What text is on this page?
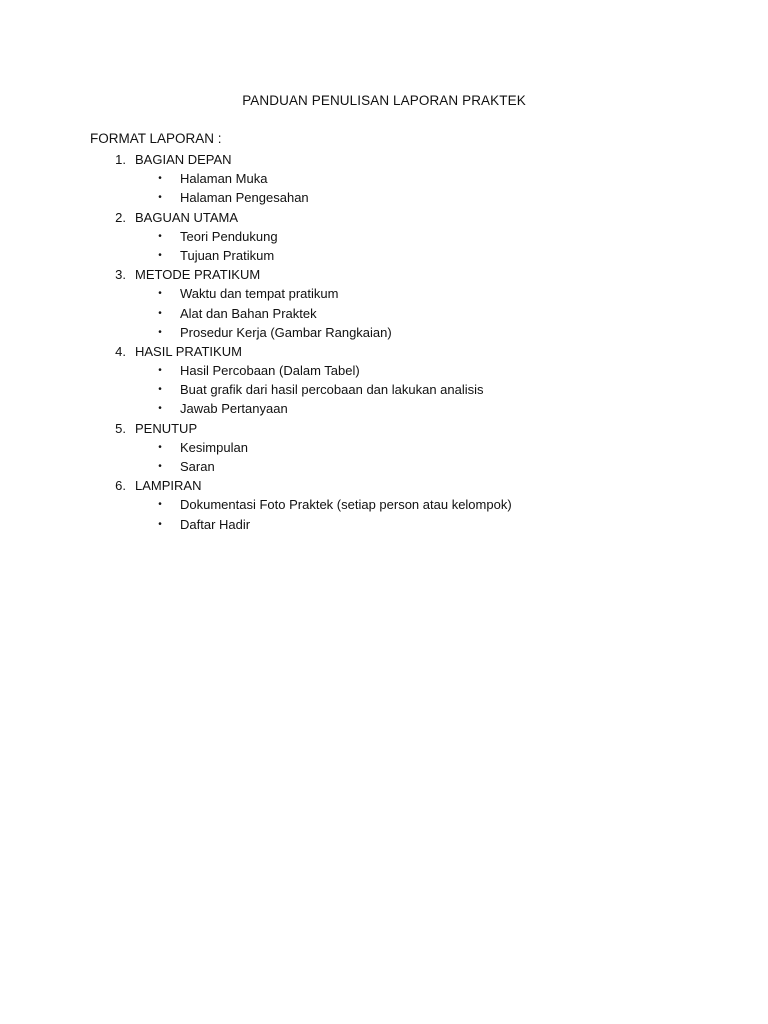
PANDUAN PENULISAN LAPORAN PRAKTEK
FORMAT LAPORAN :
1. BAGIAN DEPAN
• Halaman Muka
• Halaman Pengesahan
2. BAGUAN UTAMA
• Teori Pendukung
• Tujuan Pratikum
3. METODE PRATIKUM
• Waktu dan tempat pratikum
• Alat dan Bahan Praktek
• Prosedur Kerja (Gambar Rangkaian)
4. HASIL PRATIKUM
• Hasil Percobaan (Dalam Tabel)
• Buat grafik dari hasil percobaan dan lakukan analisis
• Jawab Pertanyaan
5. PENUTUP
• Kesimpulan
• Saran
6. LAMPIRAN
• Dokumentasi Foto Praktek (setiap person atau kelompok)
• Daftar Hadir
